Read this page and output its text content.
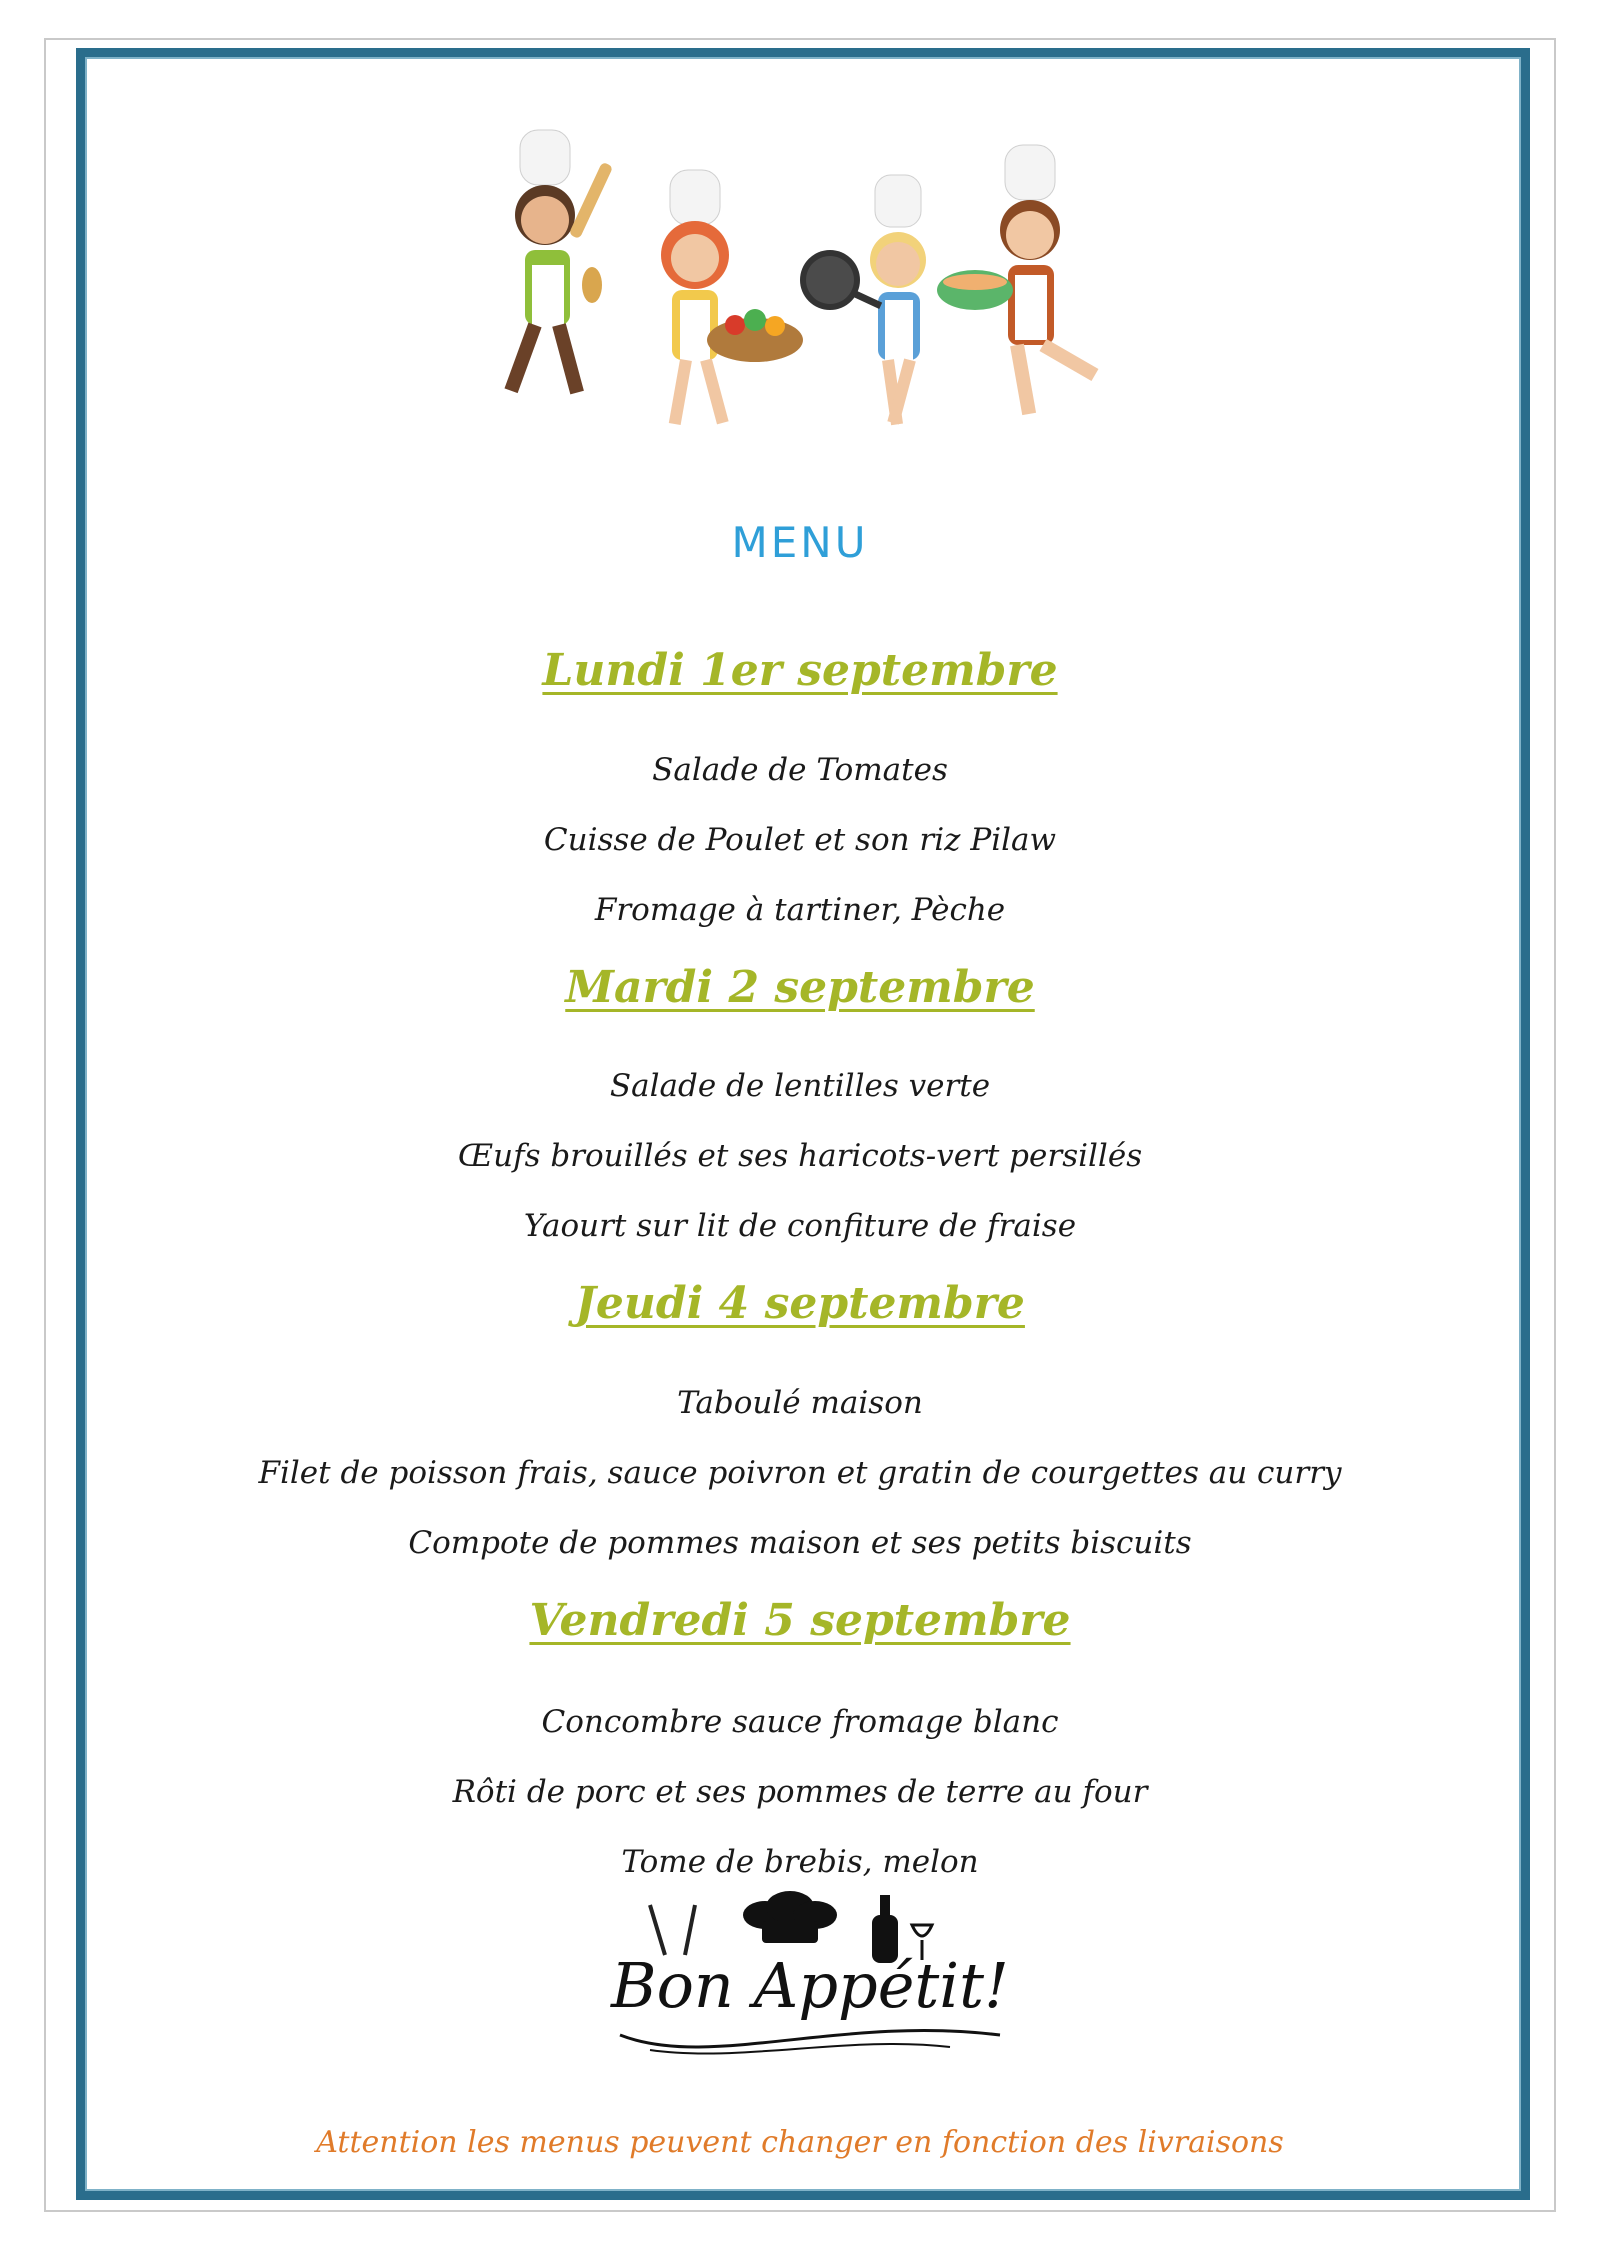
MENU
Lundi 1er septembre
Salade de Tomates
Cuisse de Poulet et son riz Pilaw
Fromage à tartiner, Pèche
Mardi 2 septembre
Salade de lentilles verte
Œufs brouillés et ses haricots-vert persillés
Yaourt sur lit de confiture de fraise
Jeudi 4 septembre
Taboulé maison
Filet de poisson frais, sauce poivron et gratin de courgettes au curry
Compote de pommes maison et ses petits biscuits
Vendredi 5 septembre
Concombre sauce fromage blanc
Rôti de porc et ses pommes de terre au four
Tome de brebis, melon
Bon Appétit!
Attention les menus peuvent changer en fonction des livraisons
